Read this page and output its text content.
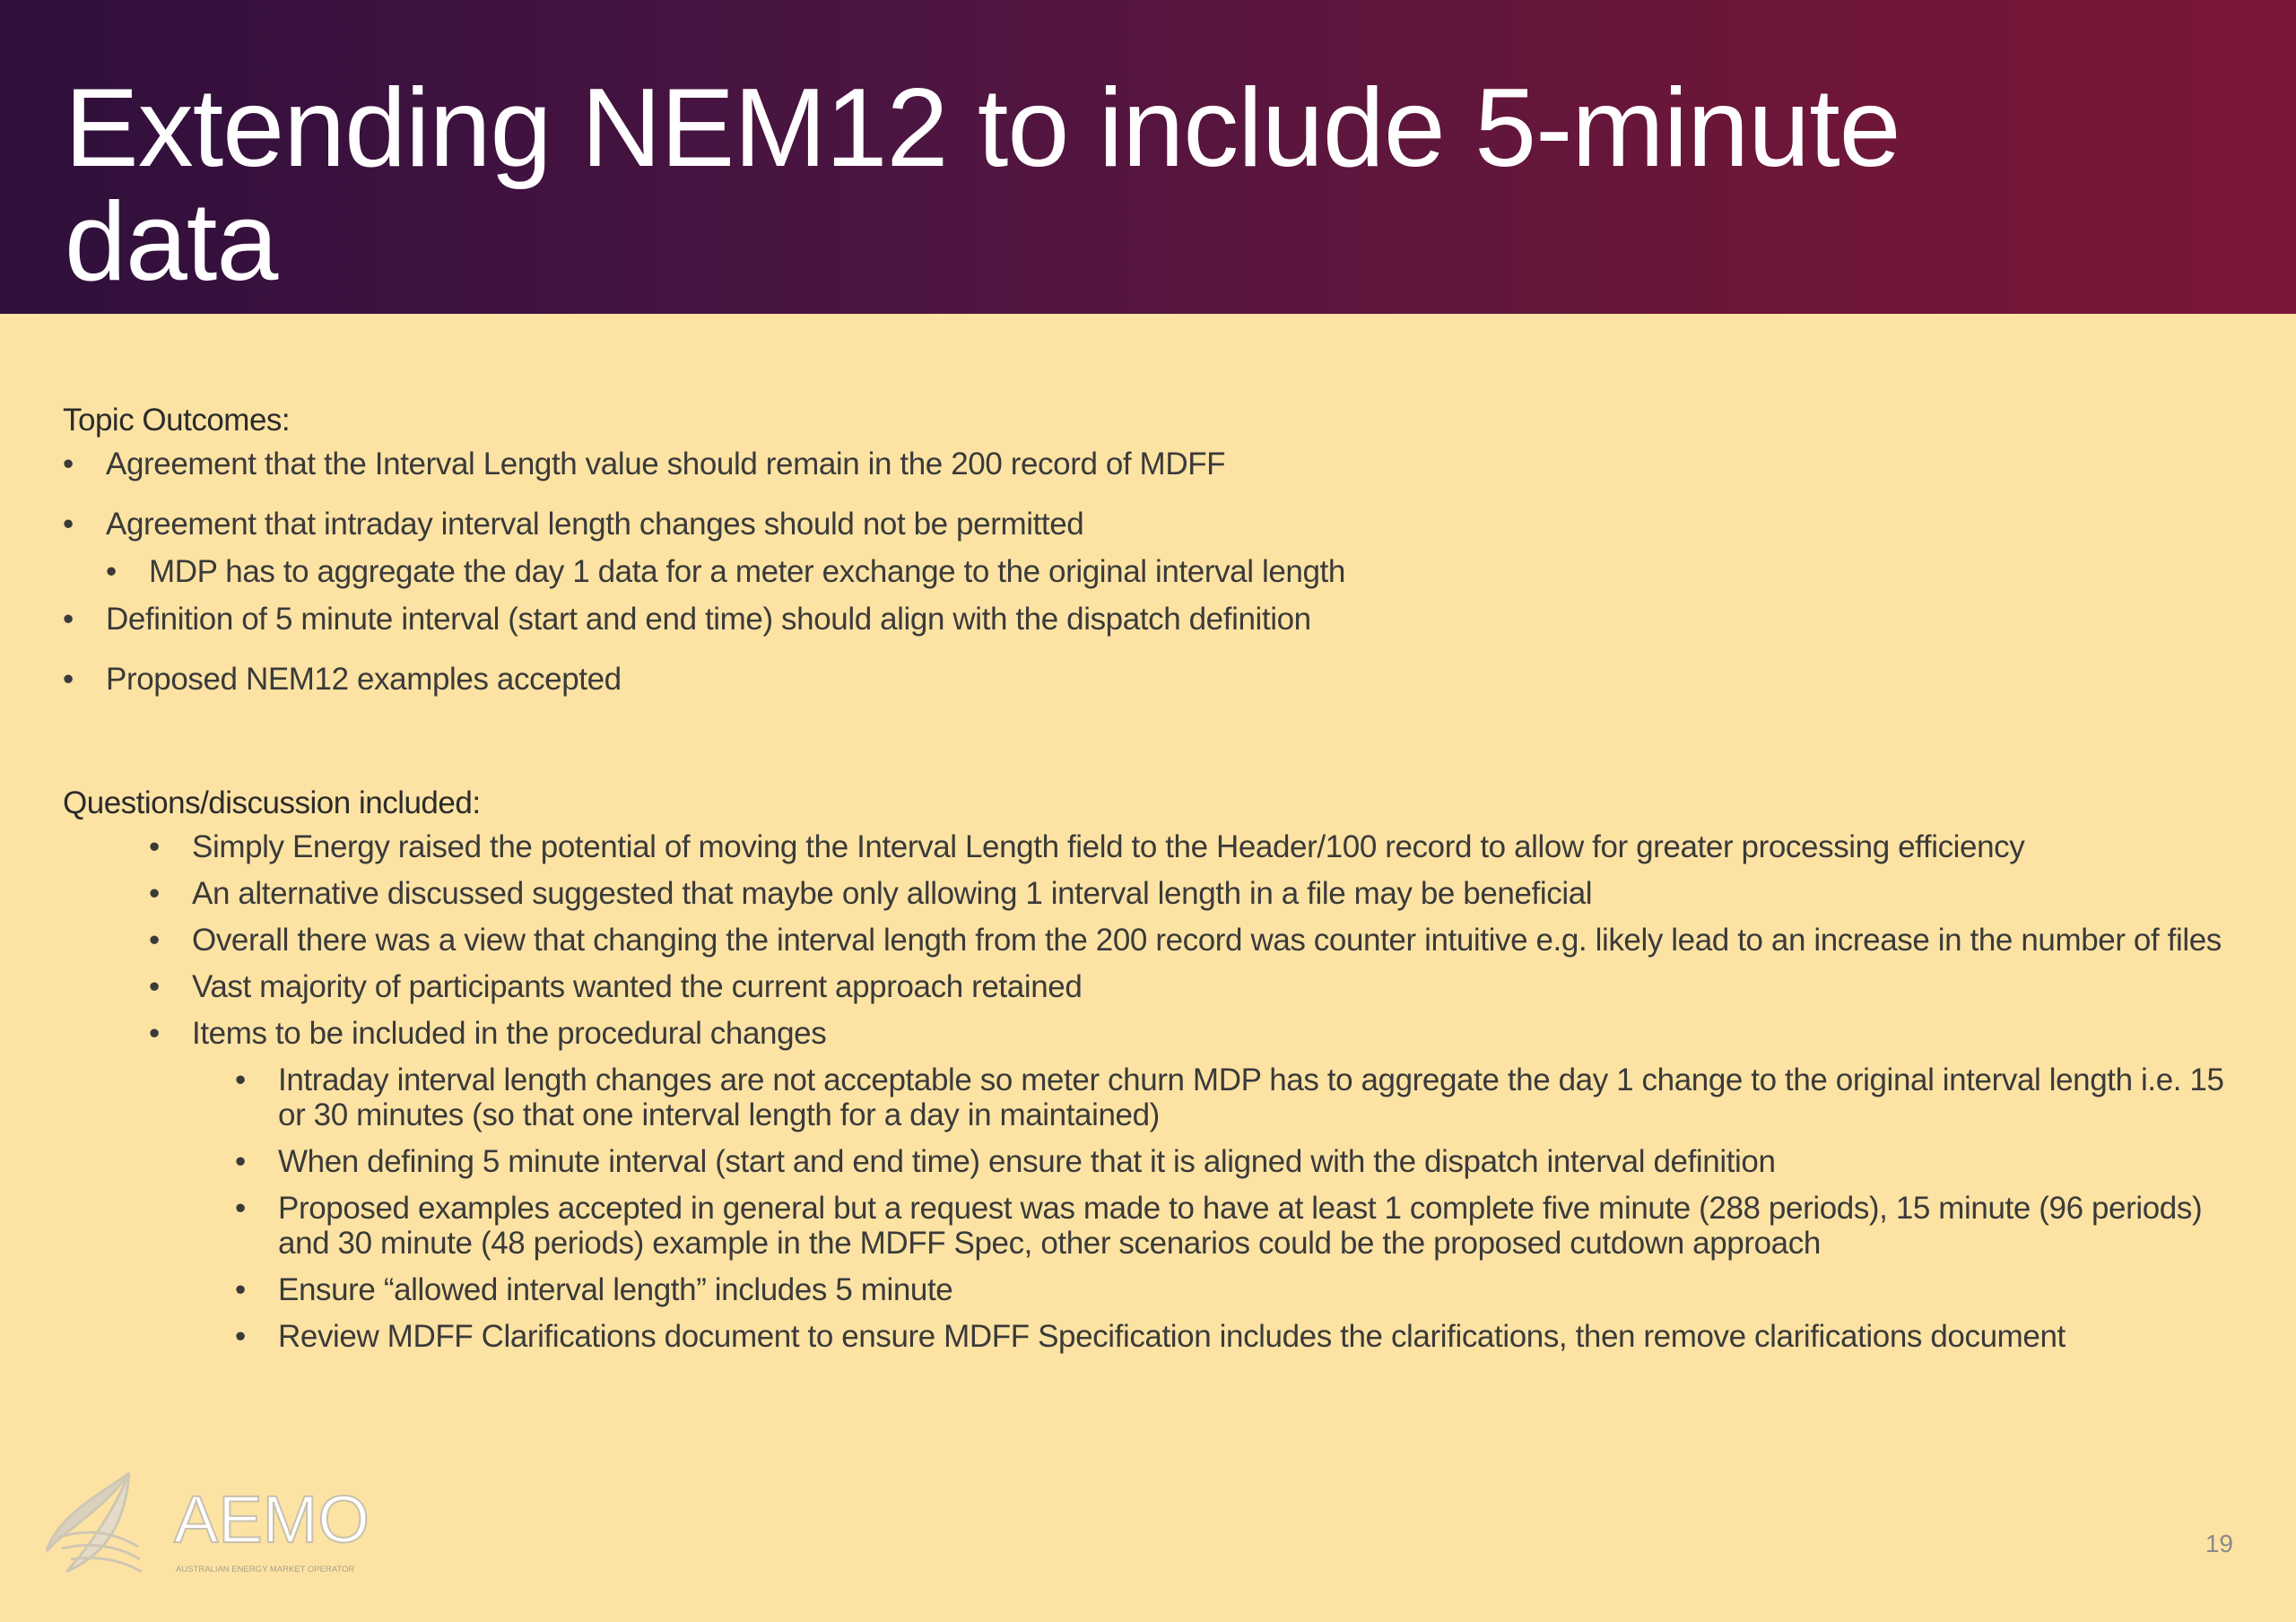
Extending NEM12 to include 5-minute data
Topic Outcomes:
• Agreement that the Interval Length value should remain in the 200 record of MDFF
• Agreement that intraday interval length changes should not be permitted
• MDP has to aggregate the day 1 data for a meter exchange to the original interval length
• Definition of 5 minute interval (start and end time) should align with the dispatch definition
• Proposed NEM12 examples accepted
Questions/discussion included:
• Simply Energy raised the potential of moving the Interval Length field to the Header/100 record to allow for greater processing efficiency
• An alternative discussed suggested that maybe only allowing 1 interval length in a file may be beneficial
• Overall there was a view that changing the interval length from the 200 record was counter intuitive e.g. likely lead to an increase in the number of files
• Vast majority of participants wanted the current approach retained
• Items to be included in the procedural changes
• Intraday interval length changes are not acceptable so meter churn MDP has to aggregate the day 1 change to the original interval length i.e. 15 or 30 minutes (so that one interval length for a day in maintained)
• When defining 5 minute interval (start and end time) ensure that it is aligned with the dispatch interval definition
• Proposed examples accepted in general but a request was made to have at least 1 complete five minute (288 periods), 15 minute (96 periods) and 30 minute (48 periods) example in the MDFF Spec, other scenarios could be the proposed cutdown approach
• Ensure “allowed interval length” includes 5 minute
• Review MDFF Clarifications document to ensure MDFF Specification includes the clarifications, then remove clarifications document
AEMO
AUSTRALIAN ENERGY MARKET OPERATOR
19
